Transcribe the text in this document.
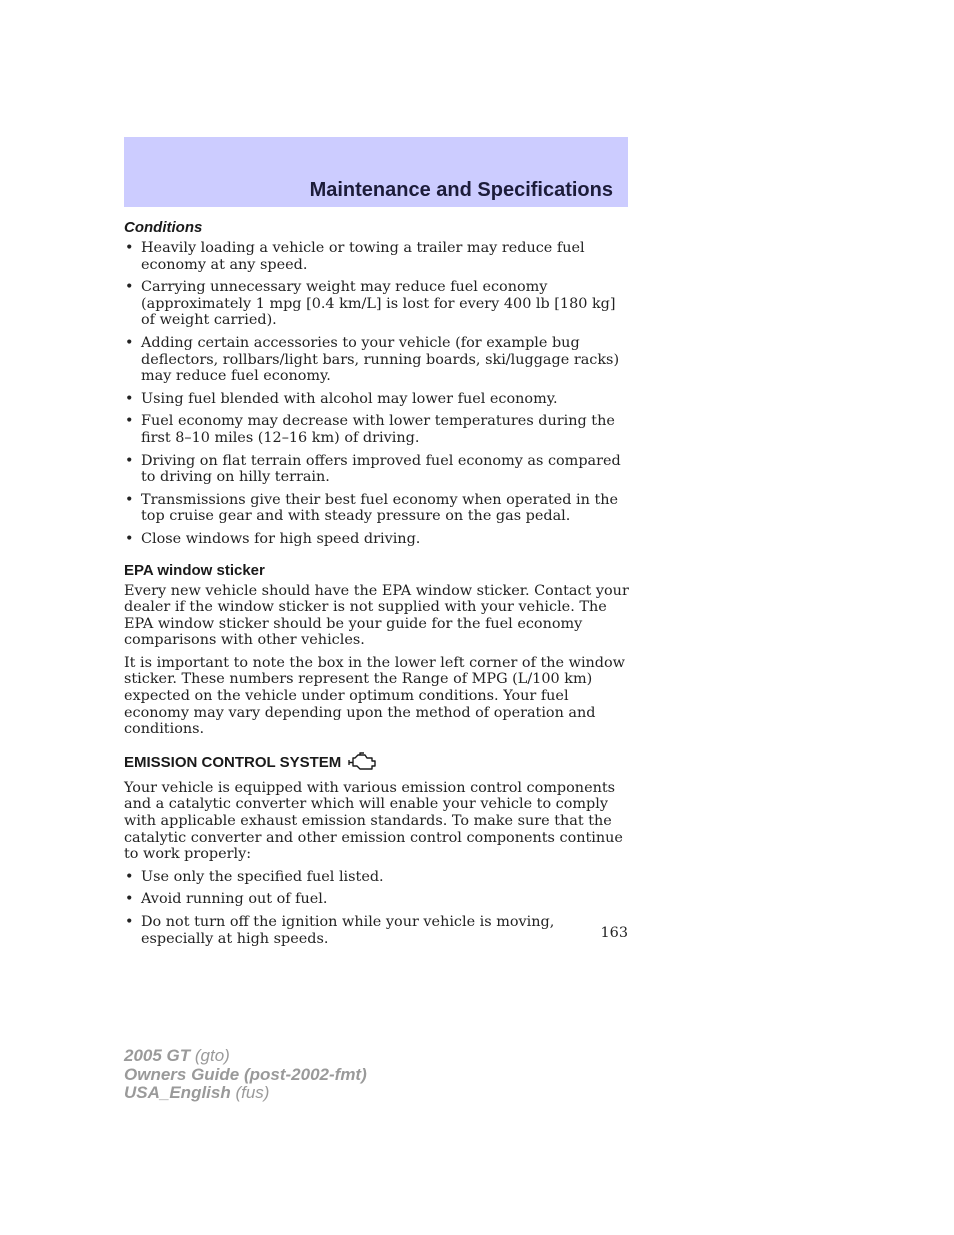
Maintenance and Specifications
Conditions
• Heavily loading a vehicle or towing a trailer may reduce fuel economy at any speed.
• Carrying unnecessary weight may reduce fuel economy (approximately 1 mpg [0.4 km/L] is lost for every 400 lb [180 kg] of weight carried).
• Adding certain accessories to your vehicle (for example bug deflectors, rollbars/light bars, running boards, ski/luggage racks) may reduce fuel economy.
• Using fuel blended with alcohol may lower fuel economy.
• Fuel economy may decrease with lower temperatures during the first 8–10 miles (12–16 km) of driving.
• Driving on flat terrain offers improved fuel economy as compared to driving on hilly terrain.
• Transmissions give their best fuel economy when operated in the top cruise gear and with steady pressure on the gas pedal.
• Close windows for high speed driving.
EPA window sticker

Every new vehicle should have the EPA window sticker. Contact your dealer if the window sticker is not supplied with your vehicle. The EPA window sticker should be your guide for the fuel economy comparisons with other vehicles.

It is important to note the box in the lower left corner of the window sticker. These numbers represent the Range of MPG (L/100 km) expected on the vehicle under optimum conditions. Your fuel economy may vary depending upon the method of operation and conditions.

EMISSION CONTROL SYSTEM

Your vehicle is equipped with various emission control components and a catalytic converter which will enable your vehicle to comply with applicable exhaust emission standards. To make sure that the catalytic converter and other emission control components continue to work properly:

• Use only the specified fuel listed.
• Avoid running out of fuel.
• Do not turn off the ignition while your vehicle is moving, especially at high speeds.	163
2005 GT (gto)
Owners Guide (post-2002-fmt)
USA_English (fus)
